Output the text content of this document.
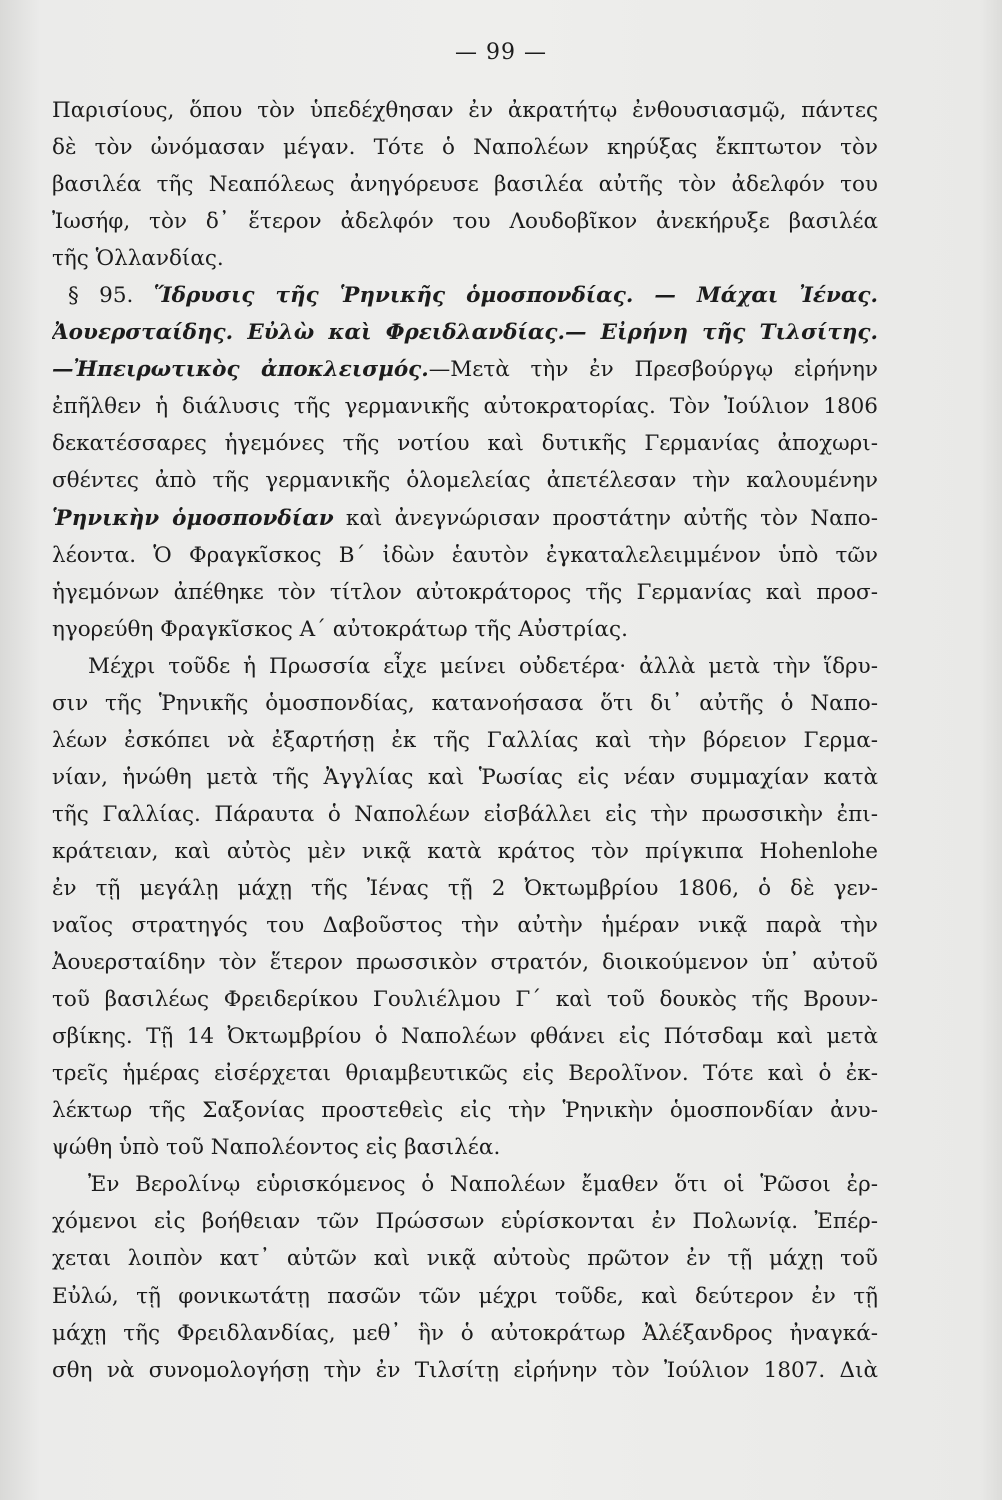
— 99 —
Παρισίους, ὅπου τὸν ὑπεδέχθησαν ἐν ἀκρατήτῳ ἐνθουσιασμῷ, πάντες
δὲ τὸν ὠνόμασαν μέγαν. Τότε ὁ Ναπολέων κηρύξας ἔκπτωτον τὸν
βασιλέα τῆς Νεαπόλεως ἀνηγόρευσε βασιλέα αὐτῆς τὸν ἀδελφόν του
Ἰωσήφ, τὸν δ᾽ ἕτερον ἀδελφόν του Λουδοβῖκον ἀνεκήρυξε βασιλέα
τῆς Ὁλλανδίας.
§ 95. Ἵδρυσις τῆς Ῥηνικῆς ὁμοσπονδίας. — Μάχαι Ἰένας.
Ἀουερσταίδης. Εὐλὼ καὶ Φρειδλανδίας.— Εἰρήνη τῆς Τιλσίτης.
—Ἠπειρωτικὸς ἀποκλεισμός.—Μετὰ τὴν ἐν Πρεσβούργῳ εἰρήνην
ἐπῆλθεν ἡ διάλυσις τῆς γερμανικῆς αὐτοκρατορίας. Τὸν Ἰούλιον 1806
δεκατέσσαρες ἡγεμόνες τῆς νοτίου καὶ δυτικῆς Γερμανίας ἀποχωρι-
σθέντες ἀπὸ τῆς γερμανικῆς ὁλομελείας ἀπετέλεσαν τὴν καλουμένην
Ῥηνικὴν ὁμοσπονδίαν καὶ ἀνεγνώρισαν προστάτην αὐτῆς τὸν Ναπο-
λέοντα. Ὁ Φραγκῖσκος Β΄ ἰδὼν ἑαυτὸν ἐγκαταλελειμμένον ὑπὸ τῶν
ἡγεμόνων ἀπέθηκε τὸν τίτλον αὐτοκράτορος τῆς Γερμανίας καὶ προσ-
ηγορεύθη Φραγκῖσκος Α΄ αὐτοκράτωρ τῆς Αὐστρίας.
Μέχρι τοῦδε ἡ Πρωσσία εἶχε μείνει οὐδετέρα· ἀλλὰ μετὰ τὴν ἵδρυ-
σιν τῆς Ῥηνικῆς ὁμοσπονδίας, κατανοήσασα ὅτι δι᾽ αὐτῆς ὁ Ναπο-
λέων ἐσκόπει νὰ ἐξαρτήσῃ ἐκ τῆς Γαλλίας καὶ τὴν βόρειον Γερμα-
νίαν, ἡνώθη μετὰ τῆς Ἀγγλίας καὶ Ῥωσίας εἰς νέαν συμμαχίαν κατὰ
τῆς Γαλλίας. Πάραυτα ὁ Ναπολέων εἰσβάλλει εἰς τὴν πρωσσικὴν ἐπι-
κράτειαν, καὶ αὐτὸς μὲν νικᾷ κατὰ κράτος τὸν πρίγκιπα Hohenlohe
ἐν τῇ μεγάλῃ μάχῃ τῆς Ἰένας τῇ 2 Ὀκτωμβρίου 1806, ὁ δὲ γεν-
ναῖος στρατηγός του Δαβοῦστος τὴν αὐτὴν ἡμέραν νικᾷ παρὰ τὴν
Ἀουερσταίδην τὸν ἕτερον πρωσσικὸν στρατόν, διοικούμενον ὑπ᾽ αὐτοῦ
τοῦ βασιλέως Φρειδερίκου Γουλιέλμου Γ΄ καὶ τοῦ δουκὸς τῆς Βρουν-
σβίκης. Τῇ 14 Ὀκτωμβρίου ὁ Ναπολέων φθάνει εἰς Πότσδαμ καὶ μετὰ
τρεῖς ἡμέρας εἰσέρχεται θριαμβευτικῶς εἰς Βερολῖνον. Τότε καὶ ὁ ἐκ-
λέκτωρ τῆς Σαξονίας προστεθεὶς εἰς τὴν Ῥηνικὴν ὁμοσπονδίαν ἀνυ-
ψώθη ὑπὸ τοῦ Ναπολέοντος εἰς βασιλέα.
Ἐν Βερολίνῳ εὑρισκόμενος ὁ Ναπολέων ἔμαθεν ὅτι οἱ Ῥῶσοι ἐρ-
χόμενοι εἰς βοήθειαν τῶν Πρώσσων εὑρίσκονται ἐν Πολωνίᾳ. Ἐπέρ-
χεται λοιπὸν κατ᾽ αὐτῶν καὶ νικᾷ αὐτοὺς πρῶτον ἐν τῇ μάχῃ τοῦ
Εὐλώ, τῇ φονικωτάτῃ πασῶν τῶν μέχρι τοῦδε, καὶ δεύτερον ἐν τῇ
μάχῃ τῆς Φρειδλανδίας, μεθ᾽ ἣν ὁ αὐτοκράτωρ Ἀλέξανδρος ἠναγκά-
σθη νὰ συνομολογήσῃ τὴν ἐν Τιλσίτῃ εἰρήνην τὸν Ἰούλιον 1807. Διὰ
